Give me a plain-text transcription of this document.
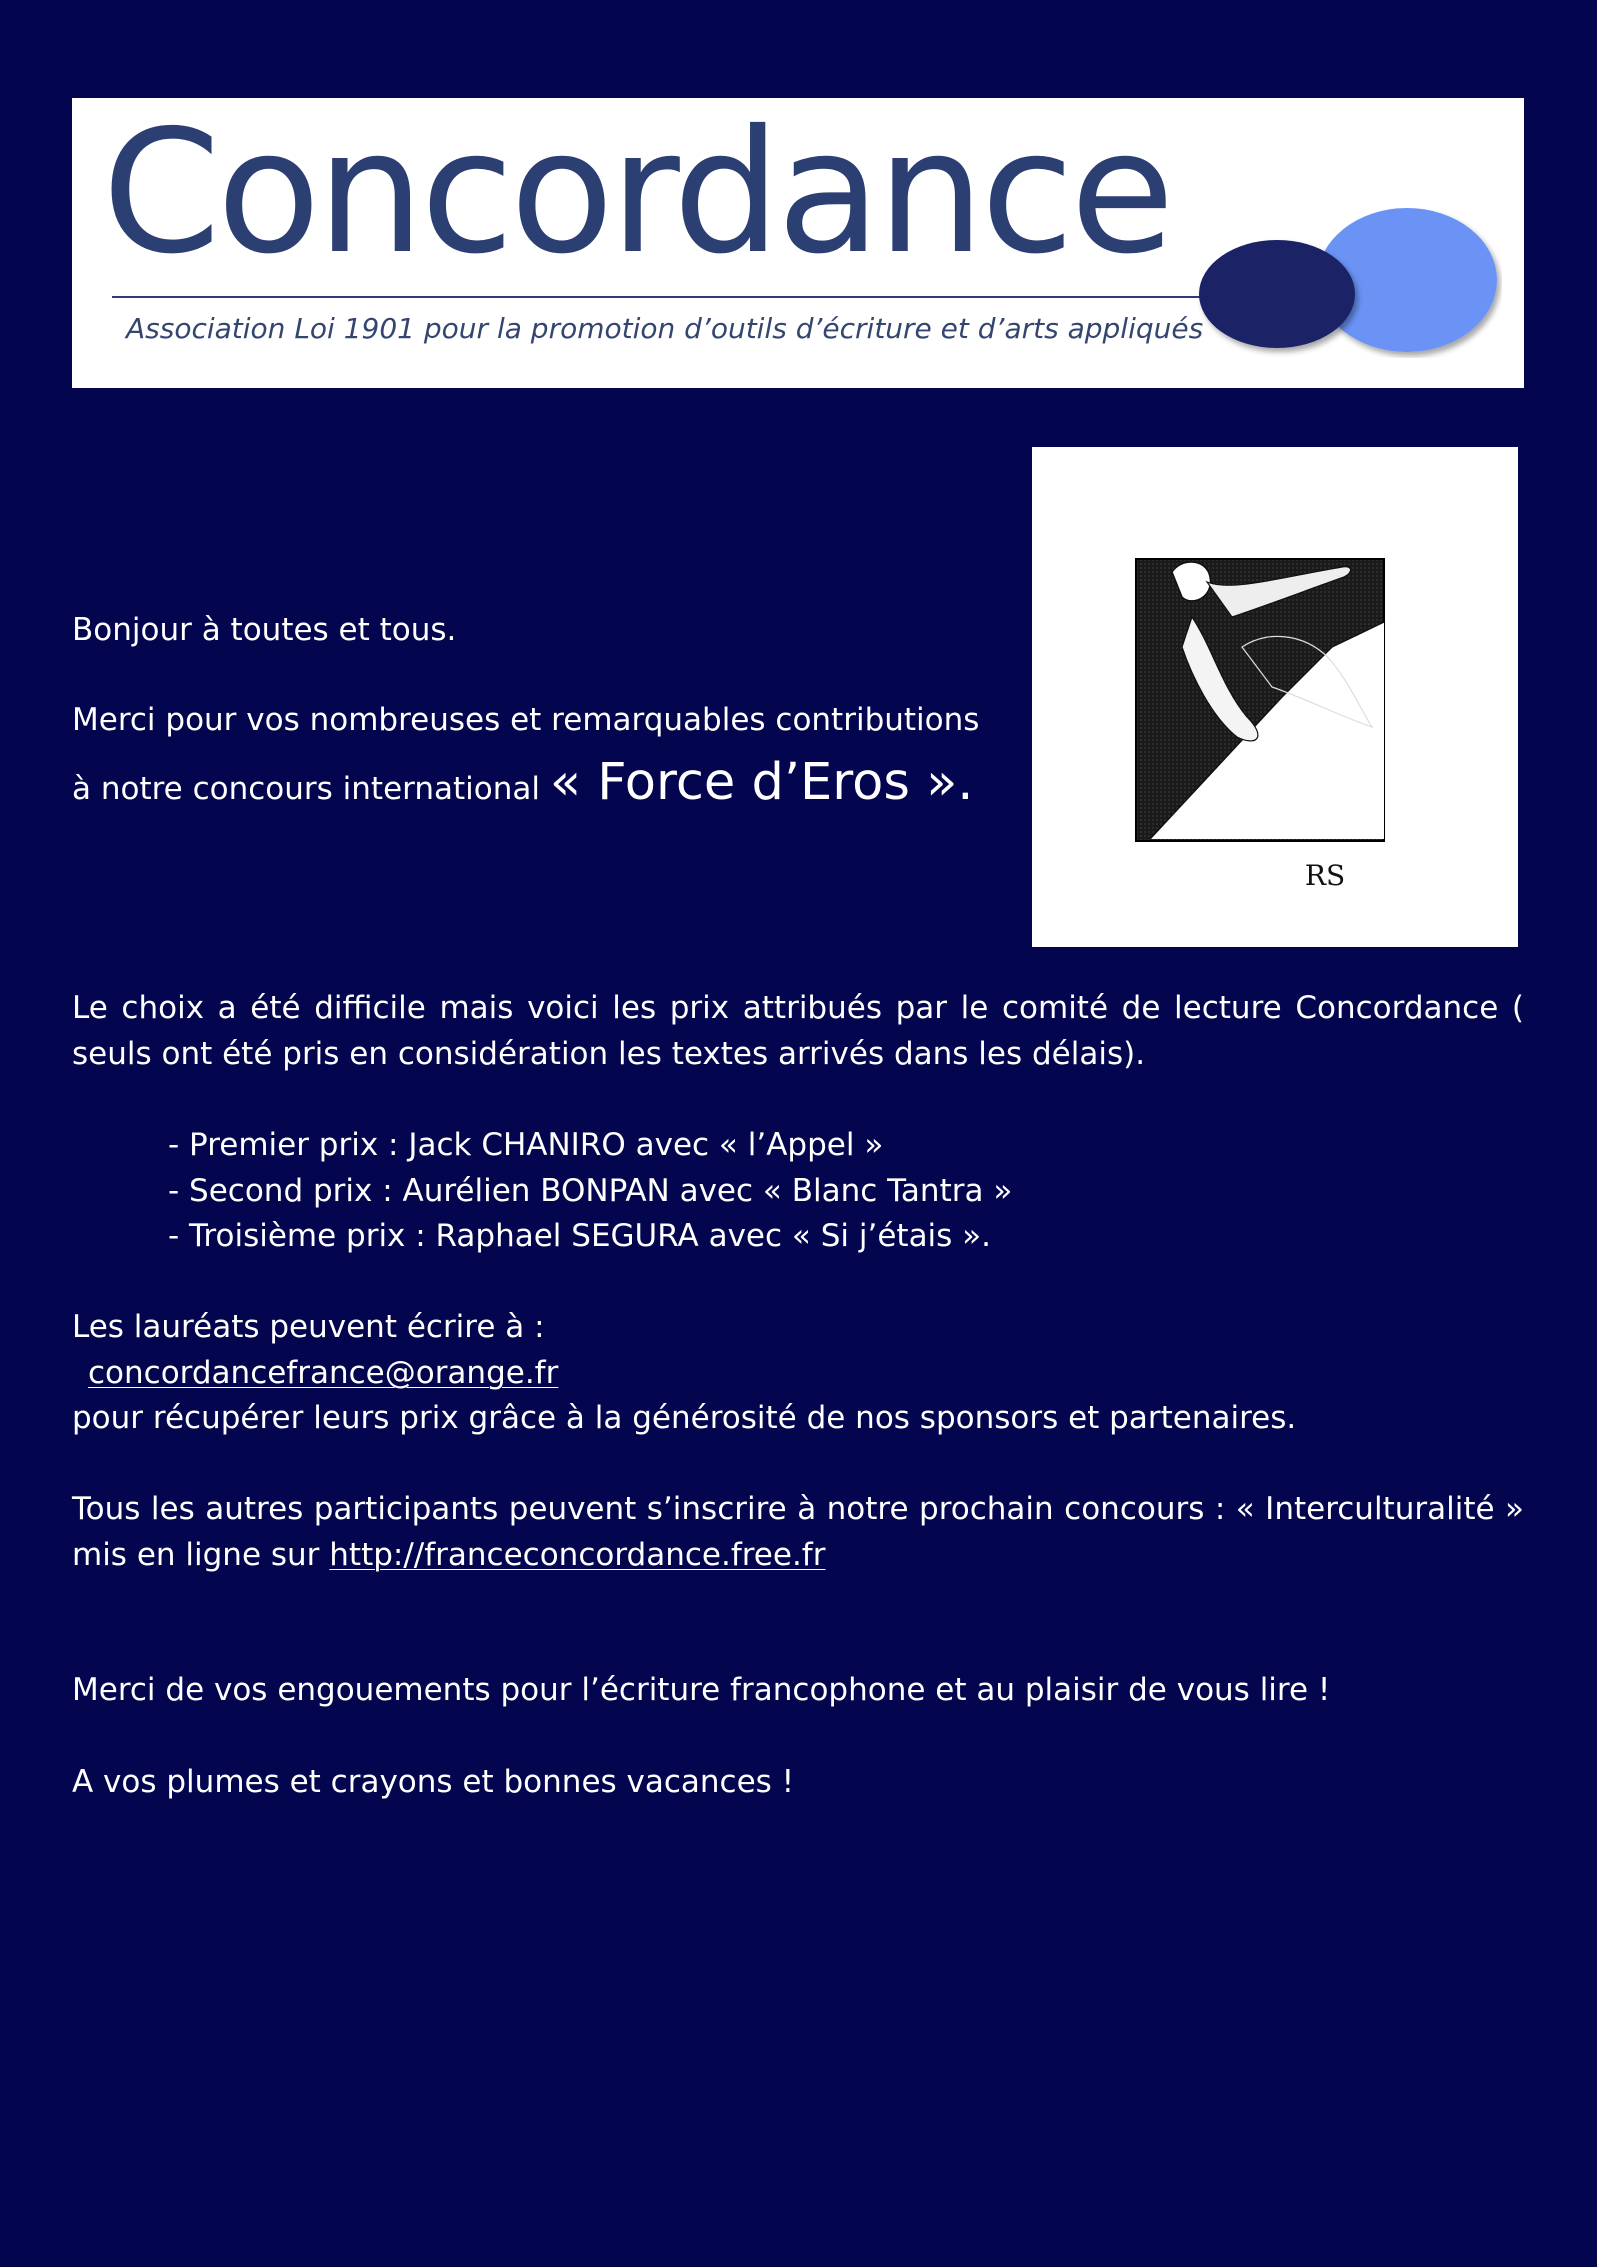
Concordance
Association Loi 1901 pour la promotion d’outils d’écriture et d’arts appliqués
RS
Bonjour à toutes et tous.
Merci pour vos nombreuses et remarquables contributions
à notre concours international « Force d’Eros ».
Le choix a été difficile mais voici les prix attribués par le comité de lecture Concordance ( seuls ont été pris en considération les textes arrivés dans les délais).
- Premier prix : Jack CHANIRO avec « l’Appel »
- Second prix : Aurélien BONPAN avec « Blanc Tantra »
- Troisième prix : Raphael SEGURA avec « Si j’étais ».
Les lauréats peuvent écrire à :
concordancefrance@orange.fr
pour récupérer leurs prix grâce à la générosité de nos sponsors et partenaires.
Tous les autres participants peuvent s’inscrire à notre prochain concours : « Interculturalité » mis en ligne sur http://franceconcordance.free.fr
Merci de vos engouements pour l’écriture francophone et au plaisir de vous lire !
A vos plumes et crayons et bonnes vacances !
